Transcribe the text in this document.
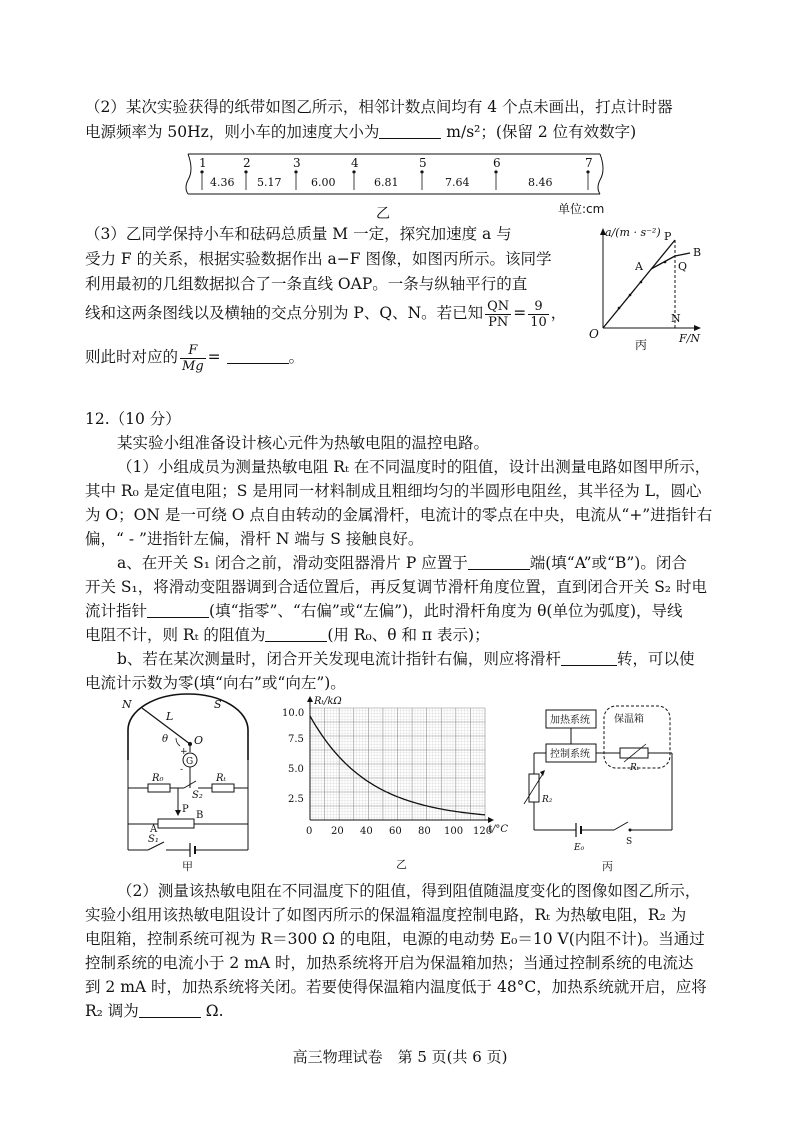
（2）某次实验获得的纸带如图乙所示，相邻计数点间均有 4 个点未画出，打点计时器
电源频率为 50Hz，则小车的加速度大小为	m/s²；(保留 2 位有效数字)
1	2	3	4	5	6	7
4.36 5.17	6.00	6.81	7.64	8.46
乙	单位:cm
（3）乙同学保持小车和砝码总质量 M 一定，探究加速度 a 与
受力 F 的关系，根据实验数据作出 a−F 图像，如图丙所示。该同学
利用最初的几组数据拟合了一条直线 OAP。一条与纵轴平行的直
线和这两条图线以及横轴的交点分别为 P、Q、N。若已知 $\frac{QN}{PN} = \frac{9}{10}$ ，
则此时对应的 $\frac{F}{Mg}$ =	。
a/(m · s⁻²)
F/N
O
P
B
A	Q
N
丙
12.（10 分）
某实验小组准备设计核心元件为热敏电阻的温控电路。
（1）小组成员为测量热敏电阻 Rₜ 在不同温度时的阻值，设计出测量电路如图甲所示，
其中 R₀ 是定值电阻；S 是用同一材料制成且粗细均匀的半圆形电阻丝，其半径为 L，圆心
为 O；ON 是一可绕 O 点自由转动的金属滑杆，电流计的零点在中央，电流从“+”进指针右
偏，“ - ”进指针左偏，滑杆 N 端与 S 接触良好。
a、在开关 S₁ 闭合之前，滑动变阻器滑片 P 应置于	端(填“A”或“B”)。闭合
开关 S₁，将滑动变阻器调到合适位置后，再反复调节滑杆角度位置，直到闭合开关 S₂ 时电
流计指针	(填“指零”、“右偏”或“左偏”)，此时滑杆角度为 θ(单位为弧度)，导线
电阻不计，则 Rₜ 的阻值为	(用 R₀、θ 和 π 表示)；
b、若在某次测量时，闭合开关发现电流计指针右偏，则应将滑杆	转，可以使
电流计示数为零(填“向右”或“向左”)。
N	S
L
θ O
+
-
G
R₀
S₂
Rₜ
P
A
B
S₁
甲
Rₜ/kΩ
t/°C
10.0
7.5
5.0
2.5
0 20 40 60 80 100 120
乙
加热系统
控制系统
保温箱
Rₜ
R₂
E₀
S
丙
（2）测量该热敏电阻在不同温度下的阻值，得到阻值随温度变化的图像如图乙所示，
实验小组用该热敏电阻设计了如图丙所示的保温箱温度控制电路，Rₜ 为热敏电阻，R₂ 为
电阻箱，控制系统可视为 R＝300 Ω 的电阻，电源的电动势 E₀＝10 V(内阻不计)。当通过
控制系统的电流小于 2 mA 时，加热系统将开启为保温箱加热；当通过控制系统的电流达
到 2 mA 时，加热系统将关闭。若要使得保温箱内温度低于 48°C，加热系统就开启，应将
R₂ 调为	Ω.
高三物理试卷　第 5 页(共 6 页)
